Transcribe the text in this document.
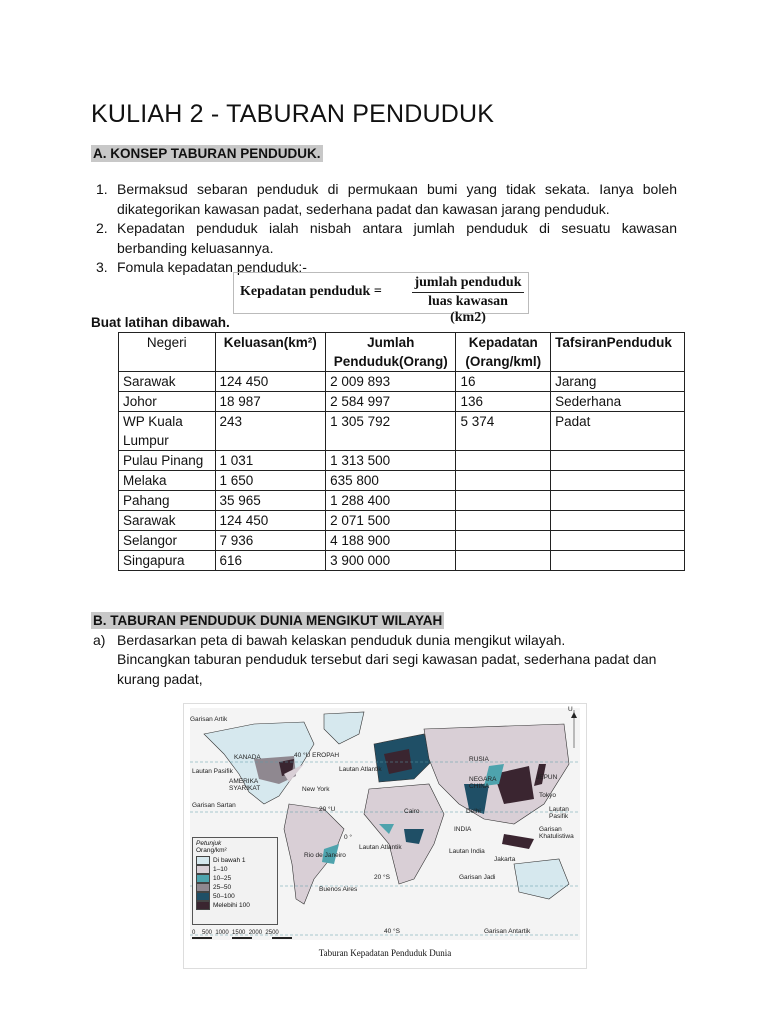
KULIAH 2 - TABURAN PENDUDUK
A. KONSEP TABURAN PENDUDUK.
1. Bermaksud sebaran penduduk di permukaan bumi yang tidak sekata. Ianya boleh dikategorikan kawasan padat, sederhana padat dan kawasan jarang penduduk.
2. Kepadatan penduduk ialah nisbah antara jumlah penduduk di sesuatu kawasan berbanding keluasannya.
3. Fomula kepadatan penduduk:-
Kepadatan penduduk =
jumlah penduduk
luas kawasan (km2)
Buat latihan dibawah.
Negeri	Keluasan(km²)	Jumlah Penduduk(Orang)	Kepadatan (Orang/kml)	TafsiranPenduduk
Sarawak	124 450	2 009 893	16	Jarang
Johor	18 987	2 584 997	136	Sederhana
WP Kuala Lumpur	243	1 305 792	5 374	Padat
Pulau Pinang	1 031	1 313 500		
Melaka	1 650	635 800		
Pahang	35 965	1 288 400		
Sarawak	124 450	2 071 500		
Selangor	7 936	4 188 900		
Singapura	616	3 900 000		
B. TABURAN PENDUDUK DUNIA MENGIKUT WILAYAH
a) Berdasarkan peta di bawah kelaskan penduduk dunia mengikut wilayah.
Bincangkan taburan penduduk tersebut dari segi kawasan padat, sederhana padat dan kurang padat,
U
Garisan Artik
KANADA
Lautan Pasifik
AMERIKA SYARIKAT	New York
40 °U EROPAH
Lautan Atlantik
RUSIA
NEGARA CHINA
JEPUN
Tokyo
Garisan Sartan
20 °U	Cairo	Delhi	Lautan Pasifik
INDIA	Garisan Khatulistiwa
0 °
Lautan Atlantik
Lautan India
Jakarta
Rio de Janeiro
20 °S	Garisan Jadi
Buenos Aires
40 °S	Garisan Antartik
Petunjuk
Orang/km²
Di bawah 1
1–10
10–25
25–50
50–100
Melebihi 100
0    500  1000  1500  2000  2500
Taburan Kepadatan Penduduk Dunia
